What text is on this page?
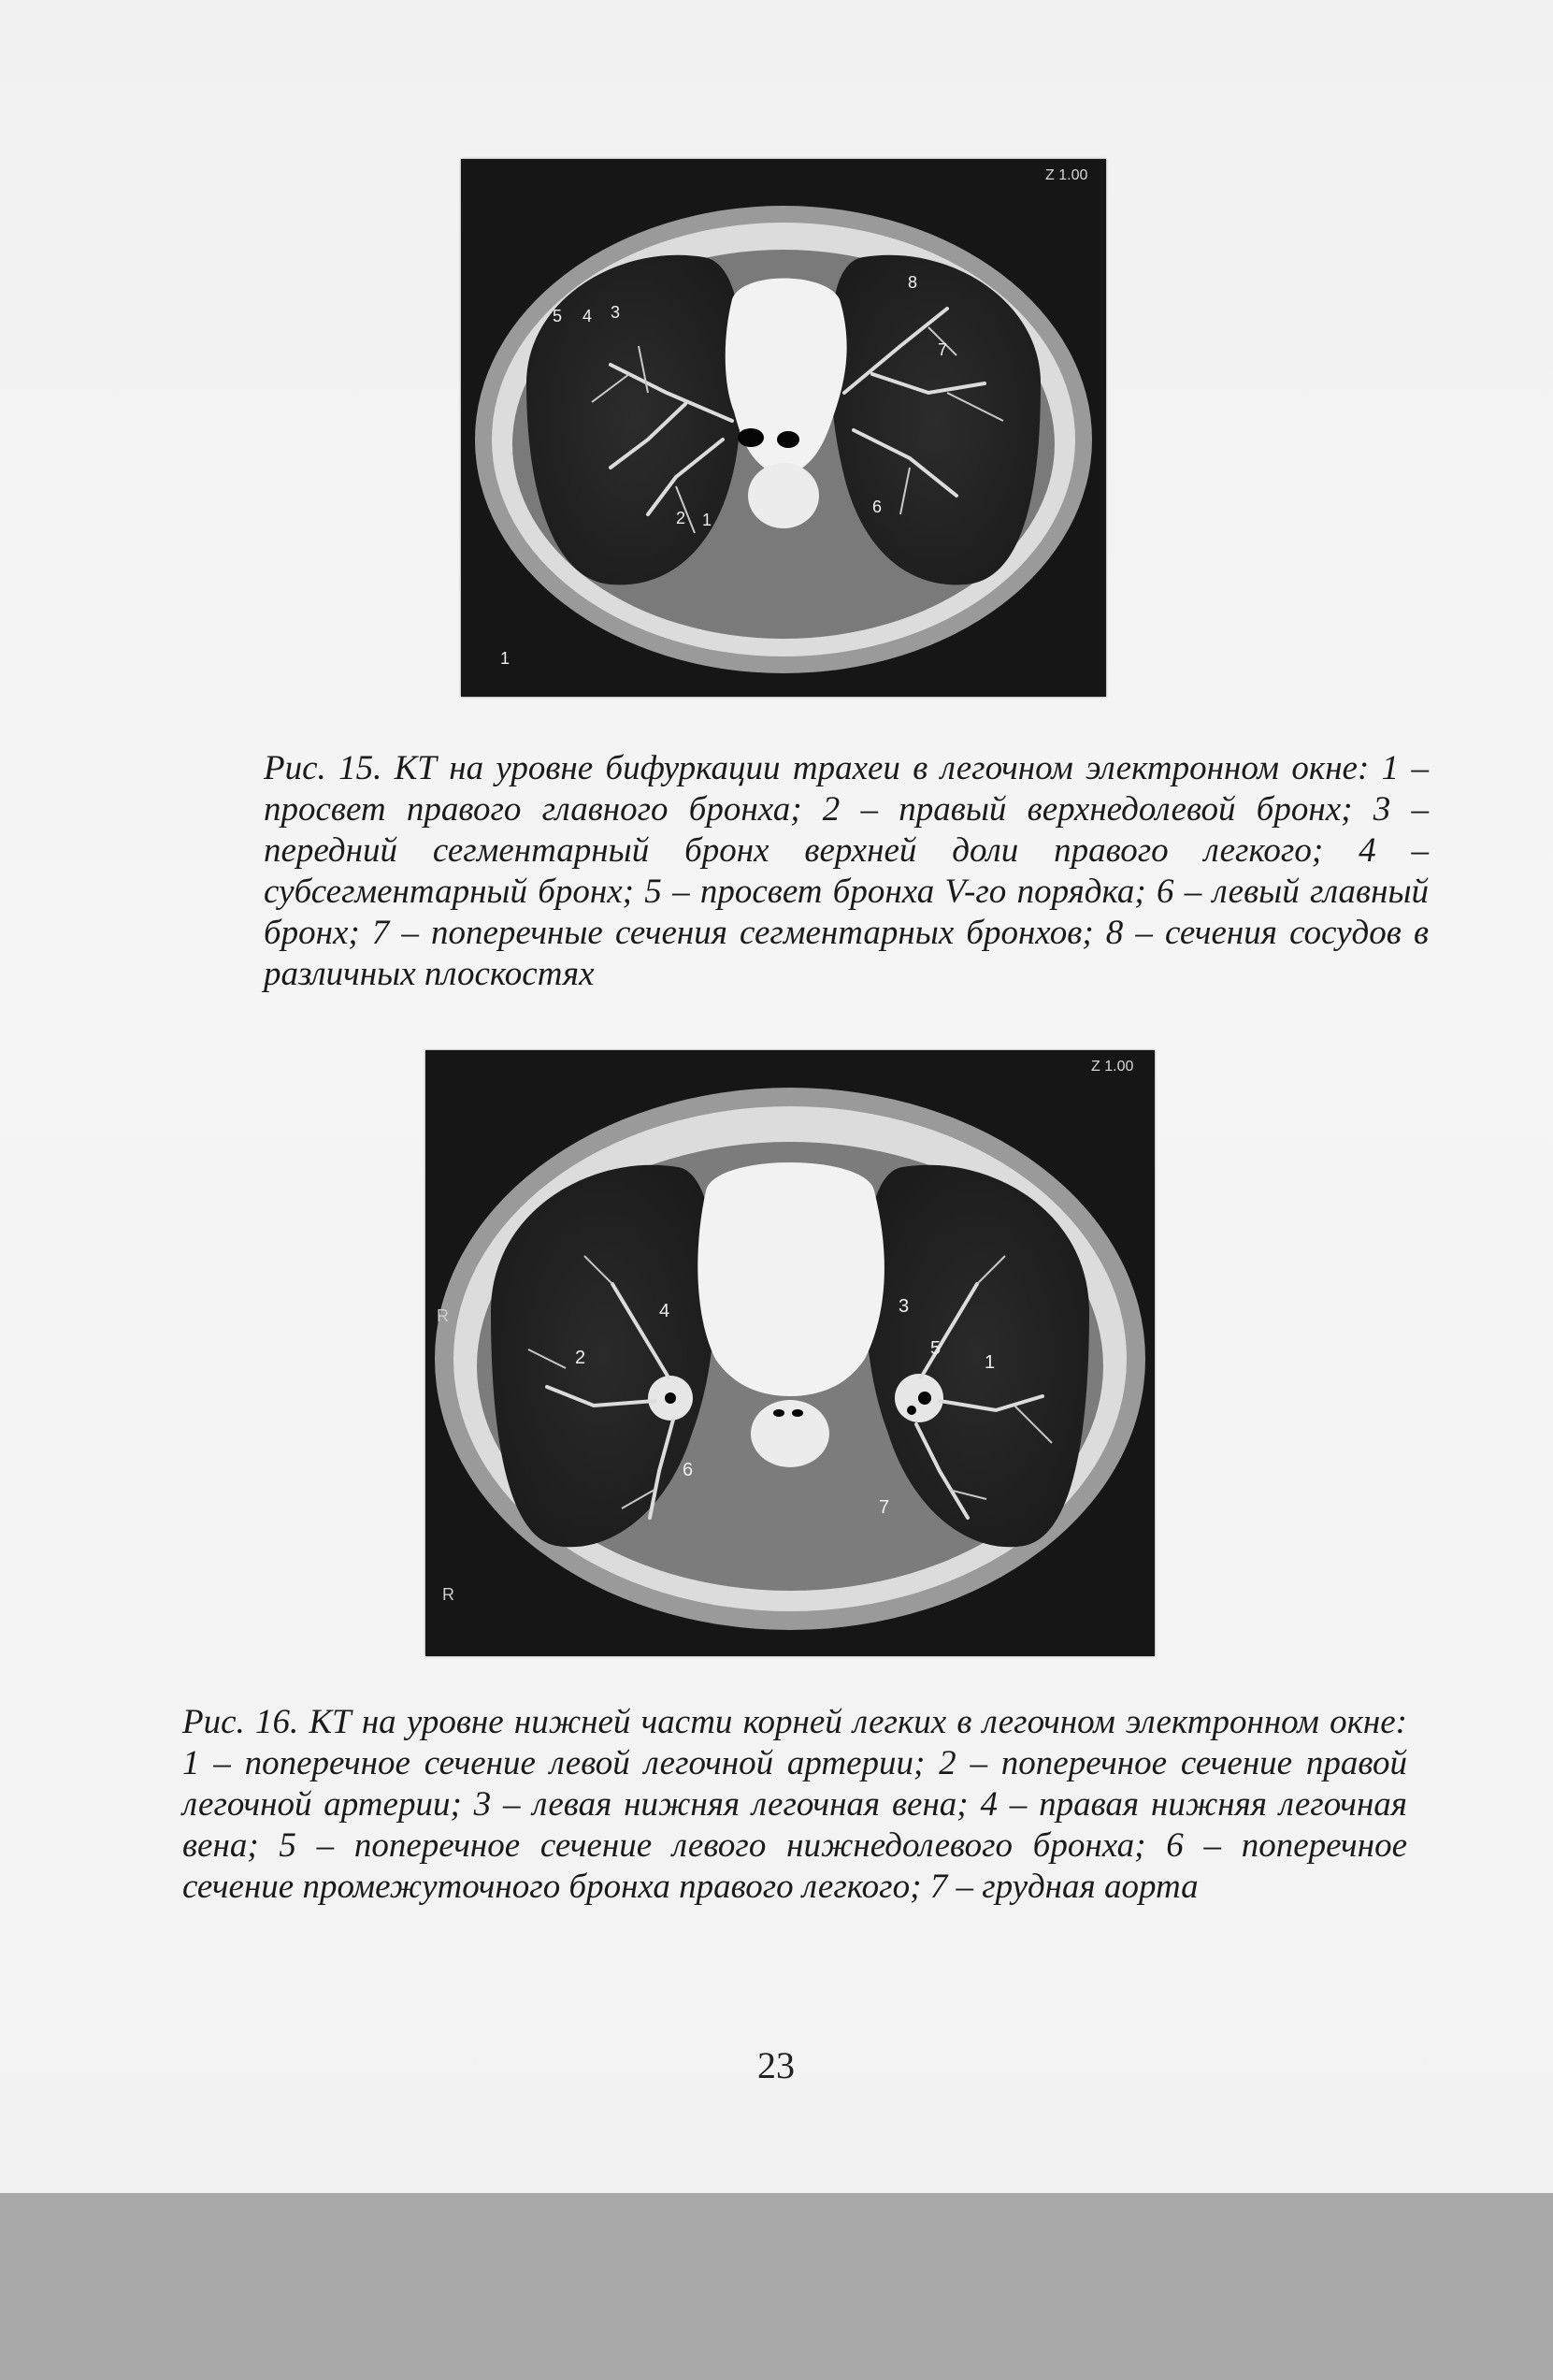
5 4 3
8
7
6
2 1
1
Z 1.00

Рис. 15. КТ на уровне бифуркации трахеи в легочном электронном окне: 1 – просвет правого главного бронха; 2 – правый верхнедолевой бронх; 3 – передний сегментарный бронх верхней доли правого легкого; 4 – субсегментарный бронх; 5 – просвет бронха V-го порядка; 6 – левый главный бронх; 7 – поперечные сечения сегментарных бронхов; 8 – сечения сосудов в различных плоскостях

4	3
5
1
2
6
7
R
R
Z 1.00

Рис. 16. КТ на уровне нижней части корней легких в легочном электронном окне: 1 – поперечное сечение левой легочной артерии; 2 – поперечное сечение правой легочной артерии; 3 – левая нижняя легочная вена; 4 – правая нижняя легочная вена; 5 – поперечное сечение левого нижнедолевого бронха; 6 – поперечное сечение промежуточного бронха правого легкого; 7 – грудная аорта

23
